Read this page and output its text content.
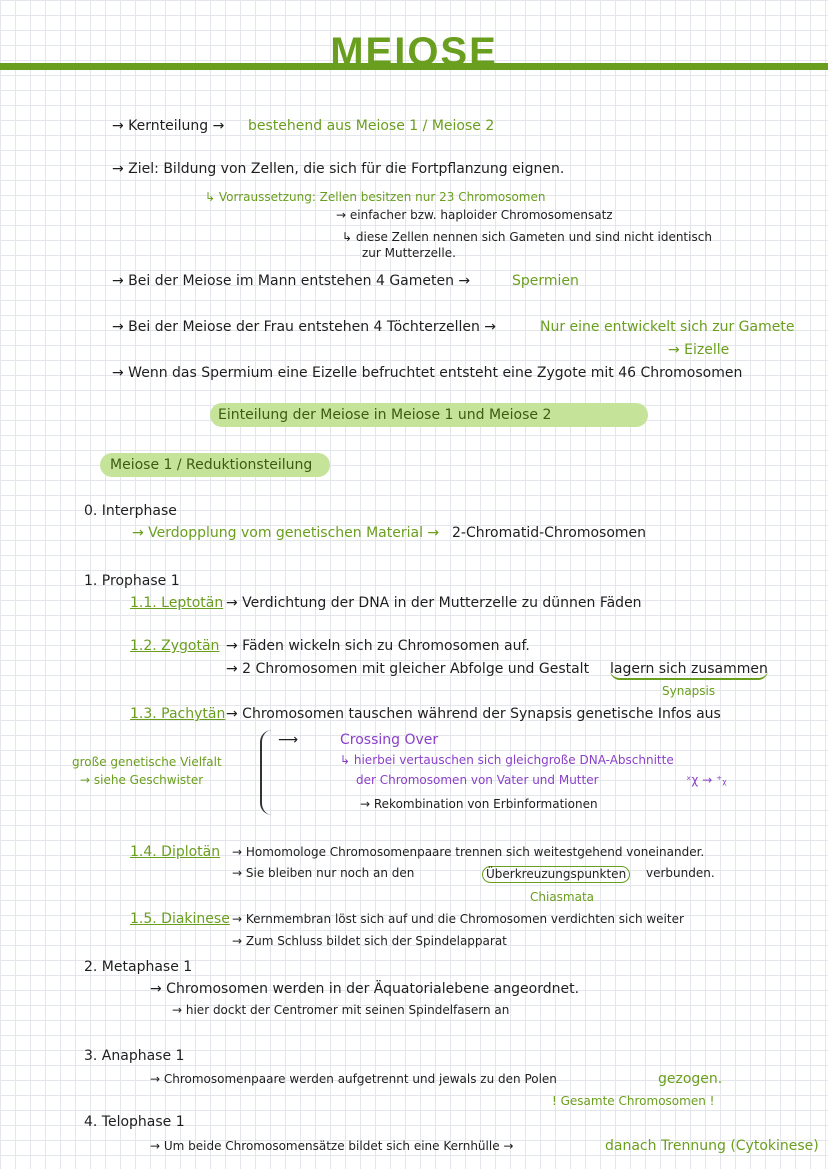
MEIOSE
→ Kernteilung → bestehend aus Meiose 1 / Meiose 2
→ Ziel: Bildung von Zellen, die sich für die Fortpflanzung eignen.
↳ Vorraussetzung: Zellen besitzen nur 23 Chromosomen
→ einfacher bzw. haploider Chromosomensatz
↳ diese Zellen nennen sich Gameten und sind nicht identisch
zur Mutterzelle.
→ Bei der Meiose im Mann entstehen 4 Gameten →	Spermien
→ Bei der Meiose der Frau entstehen 4 Töchterzellen →	Nur eine entwickelt sich zur Gamete
→ Eizelle
→ Wenn das Spermium eine Eizelle befruchtet entsteht eine Zygote mit 46 Chromosomen
Einteilung der Meiose in Meiose 1 und Meiose 2
Meiose 1 / Reduktionsteilung
0. Interphase
→ Verdopplung vom genetischen Material → 2-Chromatid-Chromosomen
1. Prophase 1
1.1. Leptotän → Verdichtung der DNA in der Mutterzelle zu dünnen Fäden
1.2. Zygotän → Fäden wickeln sich zu Chromosomen auf.
→ 2 Chromosomen mit gleicher Abfolge und Gestalt lagern sich zusammen
Synapsis
1.3. Pachytän → Chromosomen tauschen während der Synapsis genetische Infos aus
⟶	Crossing Over
↳ hierbei vertauschen sich gleichgroße DNA-Abschnitte
der Chromosomen von Vater und Mutter	ˣχ → ⁺ᵪ
→ Rekombination von Erbinformationen
große genetische Vielfalt
→ siehe Geschwister
1.4. Diplotän → Homomologe Chromosomenpaare trennen sich weitestgehend voneinander.
→ Sie bleiben nur noch an den	Überkreuzungspunkten	verbunden.
Chiasmata
1.5. Diakinese → Kernmembran löst sich auf und die Chromosomen verdichten sich weiter
→ Zum Schluss bildet sich der Spindelapparat
2. Metaphase 1
→ Chromosomen werden in der Äquatorialebene angeordnet.
→ hier dockt der Centromer mit seinen Spindelfasern an
3. Anaphase 1
→ Chromosomenpaare werden aufgetrennt und jewals zu den Polen	gezogen.
! Gesamte Chromosomen !
4. Telophase 1
→ Um beide Chromosomensätze bildet sich eine Kernhülle →	danach Trennung (Cytokinese)
